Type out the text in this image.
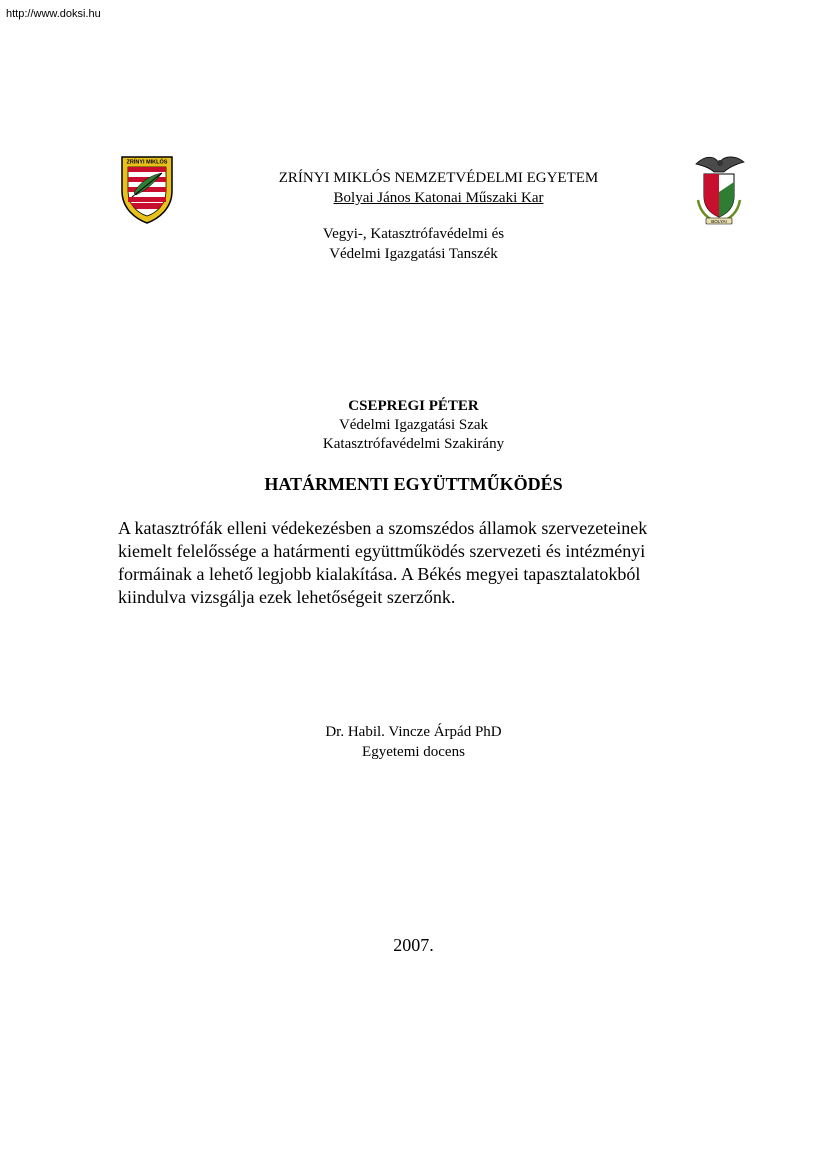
http://www.doksi.hu
ZRÍNYI MIKLÓS
BOLYAI
ZRÍNYI MIKLÓS NEMZETVÉDELMI EGYETEM
Bolyai János Katonai Műszaki Kar
Vegyi-, Katasztrófavédelmi és
Védelmi Igazgatási Tanszék
CSEPREGI PÉTER
Védelmi Igazgatási Szak
Katasztrófavédelmi Szakirány
HATÁRMENTI EGYÜTTMŰKÖDÉS
A katasztrófák elleni védekezésben a szomszédos államok szervezeteinek
kiemelt felelőssége a határmenti együttműködés szervezeti és intézményi
formáinak a lehető legjobb kialakítása. A Békés megyei tapasztalatokból
kiindulva vizsgálja ezek lehetőségeit szerzőnk.
Dr. Habil. Vincze Árpád PhD
Egyetemi docens
2007.
